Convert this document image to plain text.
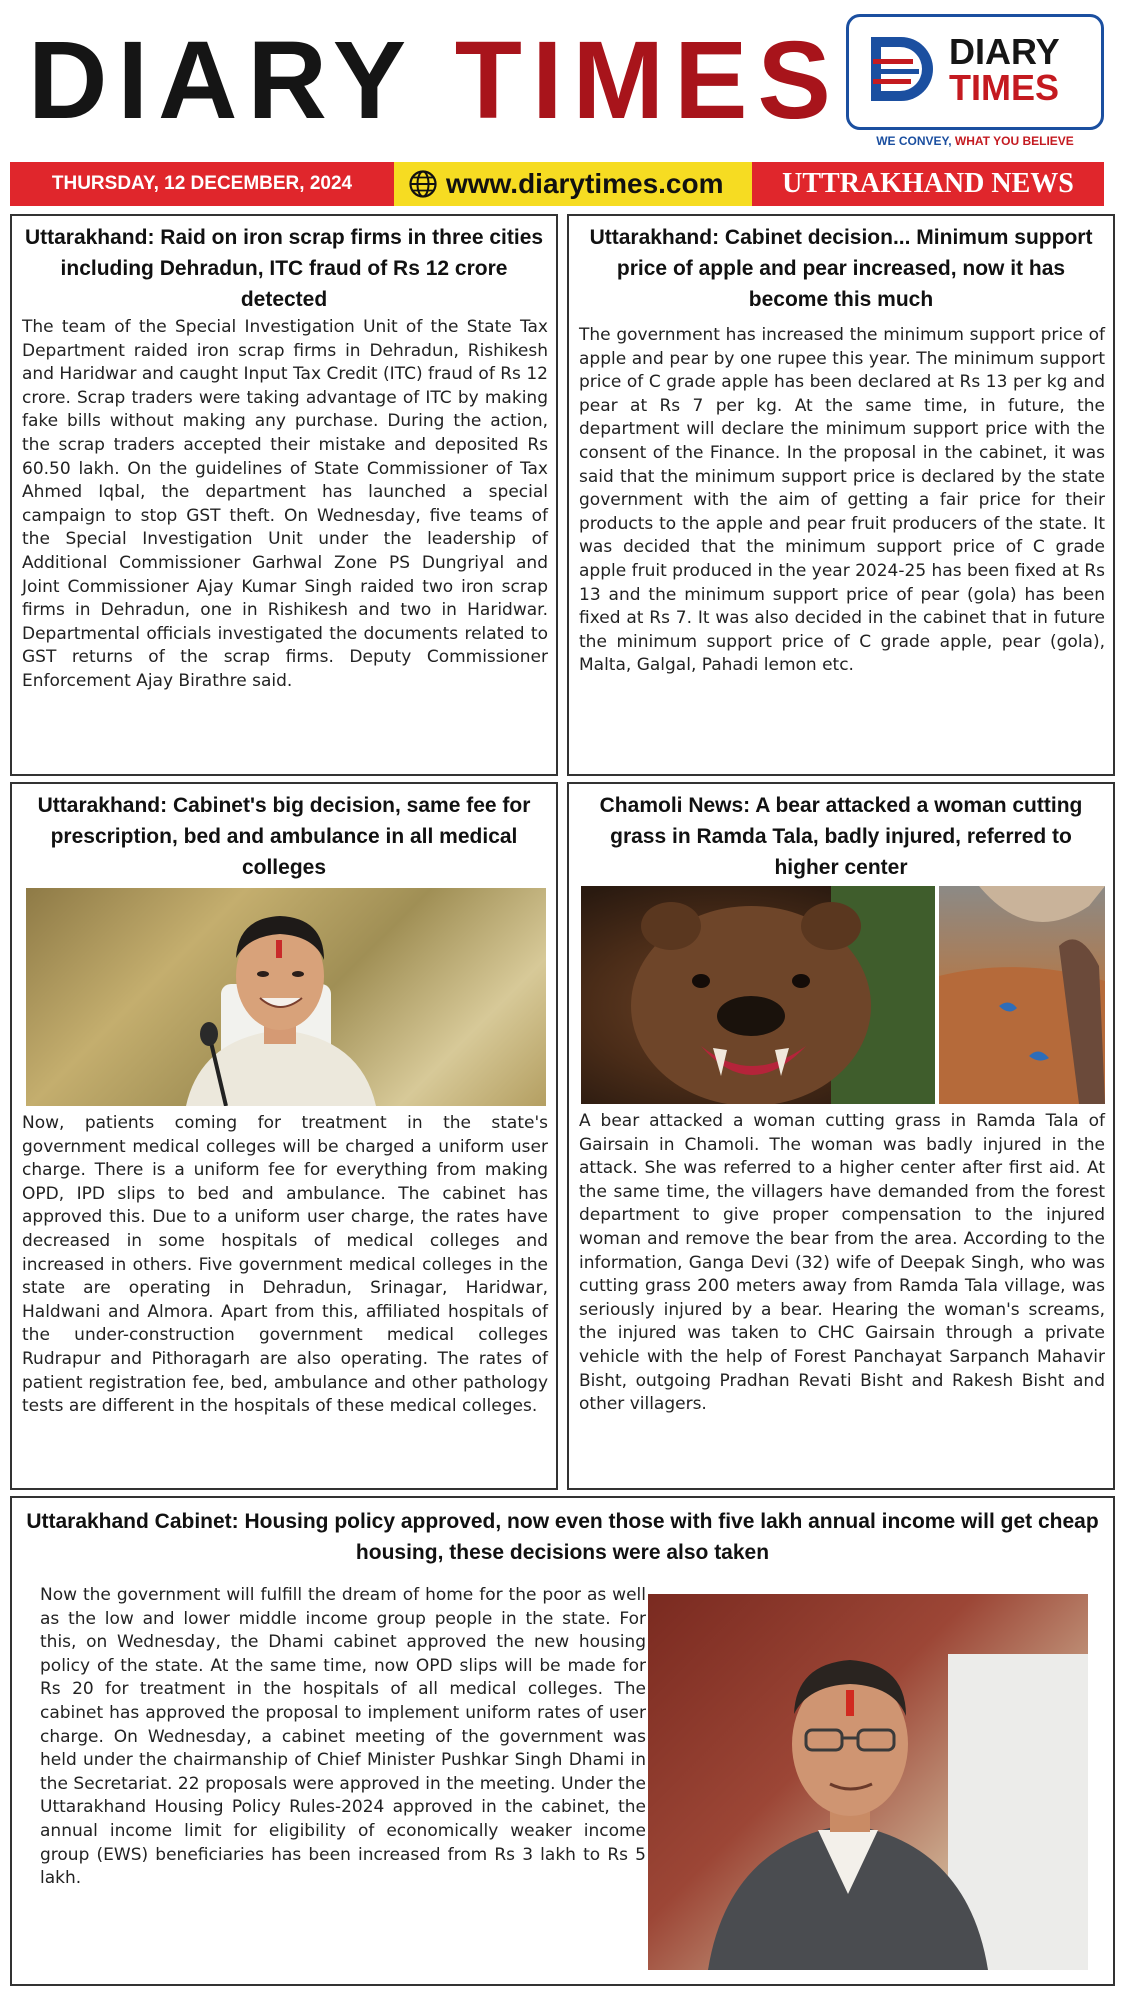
DIARY TIMES	DIARY
TIMES
WE CONVEY, WHAT YOU BELIEVE
THURSDAY, 12 DECEMBER, 2024	www.diarytimes.com	UTTRAKHAND NEWS
Uttarakhand: Raid on iron scrap firms in three cities including Dehradun, ITC fraud of Rs 12 crore detected
The team of the Special Investigation Unit of the State Tax Department raided iron scrap firms in Dehradun, Rishikesh and Haridwar and caught Input Tax Credit (ITC) fraud of Rs 12 crore. Scrap traders were taking advantage of ITC by making fake bills without making any purchase. During the action, the scrap traders accepted their mistake and deposited Rs 60.50 lakh. On the guidelines of State Commissioner of Tax Ahmed Iqbal, the department has launched a special campaign to stop GST theft. On Wednesday, five teams of the Special Investigation Unit under the leadership of Additional Commissioner Garhwal Zone PS Dungriyal and Joint Commissioner Ajay Kumar Singh raided two iron scrap firms in Dehradun, one in Rishikesh and two in Haridwar. Departmental officials investigated the documents related to GST returns of the scrap firms. Deputy Commissioner Enforcement Ajay Birathre said.
Uttarakhand: Cabinet decision... Minimum support price of apple and pear increased, now it has become this much
The government has increased the minimum support price of apple and pear by one rupee this year. The minimum support price of C grade apple has been declared at Rs 13 per kg and pear at Rs 7 per kg. At the same time, in future, the department will declare the minimum support price with the consent of the Finance. In the proposal in the cabinet, it was said that the minimum support price is declared by the state government with the aim of getting a fair price for their products to the apple and pear fruit producers of the state. It was decided that the minimum support price of C grade apple fruit produced in the year 2024-25 has been fixed at Rs 13 and the minimum support price of pear (gola) has been fixed at Rs 7. It was also decided in the cabinet that in future the minimum support price of C grade apple, pear (gola), Malta, Galgal, Pahadi lemon etc.
Uttarakhand: Cabinet's big decision, same fee for prescription, bed and ambulance in all medical colleges
Now, patients coming for treatment in the state's government medical colleges will be charged a uniform user charge. There is a uniform fee for everything from making OPD, IPD slips to bed and ambulance. The cabinet has approved this. Due to a uniform user charge, the rates have decreased in some hospitals of medical colleges and increased in others. Five government medical colleges in the state are operating in Dehradun, Srinagar, Haridwar, Haldwani and Almora. Apart from this, affiliated hospitals of the under-construction government medical colleges Rudrapur and Pithoragarh are also operating. The rates of patient registration fee, bed, ambulance and other pathology tests are different in the hospitals of these medical colleges.
Chamoli News: A bear attacked a woman cutting grass in Ramda Tala, badly injured, referred to higher center
A bear attacked a woman cutting grass in Ramda Tala of Gairsain in Chamoli. The woman was badly injured in the attack. She was referred to a higher center after first aid. At the same time, the villagers have demanded from the forest department to give proper compensation to the injured woman and remove the bear from the area. According to the information, Ganga Devi (32) wife of Deepak Singh, who was cutting grass 200 meters away from Ramda Tala village, was seriously injured by a bear. Hearing the woman's screams, the injured was taken to CHC Gairsain through a private vehicle with the help of Forest Panchayat Sarpanch Mahavir Bisht, outgoing Pradhan Revati Bisht and Rakesh Bisht and other villagers.
Uttarakhand Cabinet: Housing policy approved, now even those with five lakh annual income will get cheap housing, these decisions were also taken
Now the government will fulfill the dream of home for the poor as well as the low and lower middle income group people in the state. For this, on Wednesday, the Dhami cabinet approved the new housing policy of the state. At the same time, now OPD slips will be made for Rs 20 for treatment in the hospitals of all medical colleges. The cabinet has approved the proposal to implement uniform rates of user charge. On Wednesday, a cabinet meeting of the government was held under the chairmanship of Chief Minister Pushkar Singh Dhami in the Secretariat. 22 proposals were approved in the meeting. Under the Uttarakhand Housing Policy Rules-2024 approved in the cabinet, the annual income limit for eligibility of economically weaker income group (EWS) beneficiaries has been increased from Rs 3 lakh to Rs 5 lakh.
